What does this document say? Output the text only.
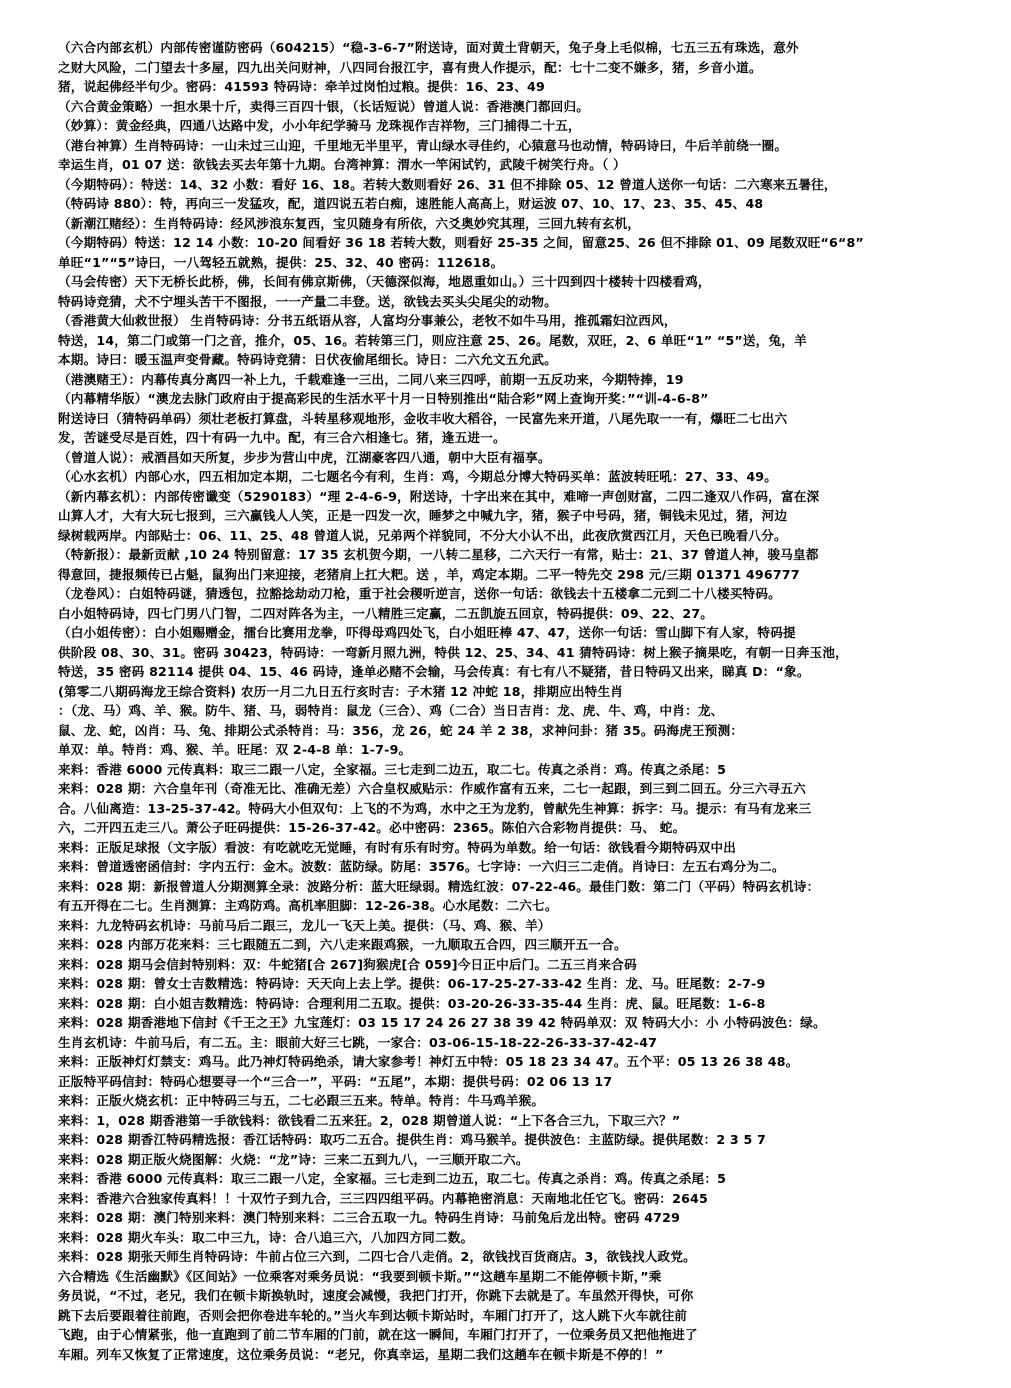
（六合内部玄机）内部传密谨防密码（604215）“稳-3-6-7”附送诗，面对黄土背朝天，兔子身上毛似棉，七五三五有珠选，意外
之财大风险，二门望去十多屋，四九出关问财神，八四同台报江宇，喜有贵人作提示，配：七十二变不嫌多，猪，乡音小道。
猪，说起佛经半句少。密码：41593 特码诗：牵羊过岗怕过粮。提供：16、23、49
（六合黄金策略）一担水果十斤，卖得三百四十银，（长话短说）曾道人说：香港澳门都回归。
（妙算）：黄金经典，四通八达路中发，小小年纪学骑马 龙珠视作吉祥物，三门捕得二十五，
（港台神算）生肖特码诗：一山未过三山迎，千里地无半里平，青山绿水寻佳约，心猿意马也动情，特码诗曰，牛后羊前绕一圈。
幸运生肖，01 07 送：欲钱去买去年第十九期。台湾神算：渭水一竿闲试钓，武陵千树笑行舟。（ ）
（今期特码）：特送：14、32 小数：看好 16、18。若转大数则看好 26、31 但不排除 05、12 曾道人送你一句话：二六寒来五暑往，
（特码诗 880）：特，再向三一发猛攻，配，道四说五若白痴，速胜能人高高上，财运波 07、10、17、23、35、45、48
（新潮江赌经）：生肖特码诗：经风涉浪东复西，宝贝随身有所依，六爻奥妙究其理，三回九转有玄机，
（今期特码）特送：12 14 小数：10-20 间看好 36 18 若转大数，则看好 25-35 之间，留意25、26 但不排除 01、09 尾数双旺“6“8”
单旺“1”“5”诗曰，一八驾轻五就熟，提供：25、32、40 密码：112618。
（马会传密）天下无桥长此桥，佛，长间有佛京斯佛，（天德深似海，地恩重如山。）三十四到四十楼转十四楼看鸡，
特码诗竞猜，犬不宁埋头苦干不图报，一一产量二丰登。送，欲钱去买头尖尾尖的动物。
（香港黄大仙救世报） 生肖特码诗：分书五纸语从容，人富均分事兼公，老牧不如牛马用，推孤霜妇泣西风，
特送，14，第二门或第一门之音，推介，05、16。若转第三门，则应注意 25、26。尾数，双旺，2、6 单旺“1” “5”送，兔，羊
本期。诗曰：暖玉温声变骨藏。特码诗竞猜：日伏夜偷尾细长。诗日：二六允文五允武。
（港澳赌王）：内幕传真分离四一补上九，千载难逢一三出，二同八来三四呼，前期一五反功来，今期特捧，19
（内幕精华版）“澳龙去脉门政府由于提高彩民的生活水平十月一日特别推出“陆合彩”网上查询开奖：”“训-4-6-8”
附送诗曰（猜特码单码）须壮老板打算盘，斗转星移观地形，金收丰收大稻谷，一民富先来开道，八尾先取一一有，爆旺二七出六
发，苦谜受尽是百姓，四十有码一九中。配，有三合六相逢七。猪，逢五进一。
（曾道人说）：戒酒昌如天所复，步步为营山中虎，江湖豪客四八通，朝中大臣有福享。
（心水玄机）内部心水，四五相加定本期，二七题名今有利，生肖：鸡，今期总分博大特码买单：蓝波转旺吼：27、33、49。
（新内幕玄机）：内部传密谶变（5290183）“理 2-4-6-9，附送诗，十字出来在其中，难啼一声创财富，二四二逢双八作码，富在深
山算人才，大有大玩七报到，三六赢钱人人笑，正是一四发一次，睡梦之中喊九字，猪，猴子中号码，猪，铜钱未见过，猪，河边
绿树载两岸。内部贴士：06、11、25、48 曾道人说，兄弟两个祥貌同，不分大小认不出，此夜欣赏西江月，天色已晚看八分。
（特新报）：最新贡献 ,10 24 特别留意：17 35 玄机贺今期，一八转二星移，二六天行一有常，贴士：21、37 曾道人神，骏马皇都
得意回，捷报频传已占魁，鼠狗出门来迎接，老猪肩上扛大粑。送 ，羊，鸡定本期。二平一特先交 298 元/三期 01371 496777
（龙卷风）：白姐特码谜，猜透包，拉豁捻劫动刀枪，重于社会稷听逆言，送你一句话：欲钱去十五楼拿二元到二十八楼买特码。
白小姐特码诗，四七门男八门智，二四对阵各为主，一八精胜三定赢，二五凯旋五回京，特码提供：09、22、27。
（白小姐传密）：白小姐赐赠金，擂台比赛用龙拳，吓得母鸡四处飞，白小姐旺棒 47、47，送你一句话：雪山脚下有人家，特码提
供阶段 08、30、31。密码 30423，特码诗：一弯新月照九洲，特供 12、25、34、41 猜特码诗：树上猴子摘果吃，有朝一日奔玉池，
特送，35 密码 82114 提供 04、15、46 码诗，逢单必赌不会输，马会传真：有七有八不疑猪，昔日特码又出来，睇真 D：“象。
(第零二八期码海龙王综合资料) 农历一月二九日五行亥时吉：子木猪 12 冲蛇 18，排期应出特生肖
：（龙、马）鸡、羊、猴。防牛、猪、马，弱特肖：鼠龙（三合）、鸡（二合）当日吉肖：龙、虎、牛、鸡，中肖：龙、
鼠、龙、蛇，凶肖：马、兔、排期公式杀特肖：马：356，龙 26，蛇 24 羊 2 38，求神问卦：猪 35。码海虎王预测：
单双：单。特肖：鸡、猴、羊。旺尾：双 2-4-8 单：1-7-9。
来料：香港 6000 元传真料：取三二跟一八定，全家福。三七走到二边五，取二七。传真之杀肖：鸡。传真之杀尾：5
来料：028 期：六合皇年刊（奇准无比、准确无差）六合皇权威贴示：作威作富有五来，二七一起跟，到三到二回五。分三六寻五六
合。八仙离造：13-25-37-42。特码大小但双句：上飞的不为鸡，水中之王为龙豹，曾献先生神算：拆字：马。提示：有马有龙来三
六，二开四五走三八。萧公子旺码提供：15-26-37-42。必中密码：2365。陈伯六合彩物肖提供：马、 蛇。
来料：正版足球报（文字版）看波：有吃就吃无觉睡，有时有乐有时穷。特码为单数。给一句话：欲钱看今期特码双中出
来料：曾道透密函信封：字内五行：金木。波数：蓝防绿。防尾：3576。七字诗：一六归三二走俏。肖诗曰：左五右鸡分为二。
来料：028 期：新报曾道人分期测算全录：波路分析：蓝大旺绿弱。精选红波：07-22-46。最佳门数：第二门（平码）特码玄机诗：
有五开得在二七。生肖测算：主鸡防鸡。高机率胆脚：12-26-38。心水尾数：二六七。
来料：九龙特码玄机诗：马前马后二跟三，龙儿一飞天上美。提供：（马、鸡、猴、羊）
来料：028 内部万花来料：三七跟随五二到，六八走来跟鸡猴，一九顺取五合四，四三顺开五一合。
来料：028 期马会信封特别料：双：牛蛇猪[合 267]狗猴虎[合 059]今日正中后门。二五三肖来合码
来料：028 期：曾女士吉数精选：特码诗：天天向上去上学。提供：06-17-25-27-33-42 生肖：龙、马。旺尾数：2-7-9
来料：028 期：白小姐吉数精选：特码诗：合理利用二五取。提供：03-20-26-33-35-44 生肖：虎、鼠。旺尾数：1-6-8
来料：028 期香港地下信封《千王之王》九宝莲灯：03 15 17 24 26 27 38 39 42 特码单双：双 特码大小：小 小特码波色：绿。
生肖玄机诗：牛前马后，有二五。主：眼前大好三七跳，一家合：03-06-15-18-22-26-33-37-42-47
来料：正版神灯灯禁支：鸡马。此乃神灯特码绝杀，请大家参考！神灯五中特：05 18 23 34 47。五个平：05 13 26 38 48。
正版特平码信封：特码心想要寻一个“三合一”，平码：“五尾”，本期：提供号码：02 06 13 17
来料：正版火烧玄机：正中特码三与五，二七必跟三五来。特单。特肖：牛马鸡羊猴。
来料：1，028 期香港第一手欲钱料：欲钱看二五来狂。2，028 期曾道人说：“上下各合三九，下取三六？”
来料：028 期香江特码精选报：香江话特码：取巧二五合。提供生肖：鸡马猴羊。提供波色：主蓝防绿。提供尾数：2 3 5 7
来料：028 期正版火烧图解：火烧：“龙”诗：三来二五到九八，一三顺开取二六。
来料：香港 6000 元传真料：取三二跟一八定，全家福。三七走到二边五，取二七。传真之杀肖：鸡。传真之杀尾：5
来料：香港六合独家传真料！！十双竹子到九合，三三四四组平码。内幕艳密消息：天南地北任它飞。密码：2645
来料：028 期：澳门特别来料：澳门特别来料：二三合五取一九。特码生肖诗：马前兔后龙出特。密码 4729
来料：028 期火车头：取二中三九，诗：合八追三六，八加四方同二数。
来料：028 期张天师生肖特码诗：牛前占位三六到，二四七合八走俏。2，欲钱找百货商店。3，欲钱找人政党。
六合精选《生活幽默》《区间站》一位乘客对乘务员说：“我要到顿卡斯。”“这趟车星期二不能停顿卡斯，”乘
务员说，“不过，老兄，我们在顿卡斯换轨时，速度会减慢，我把门打开，你跳下去就是了。车虽然开得快，可你
跳下去后要跟着往前跑，否则会把你卷进车轮的。”当火车到达顿卡斯站时，车厢门打开了，这人跳下火车就往前
飞跑，由于心情紧张，他一直跑到了前二节车厢的门前，就在这一瞬间，车厢门打开了，一位乘务员又把他拖进了
车厢。列车又恢复了正常速度，这位乘务员说：“老兄，你真幸运，星期二我们这趟车在顿卡斯是不停的！”
